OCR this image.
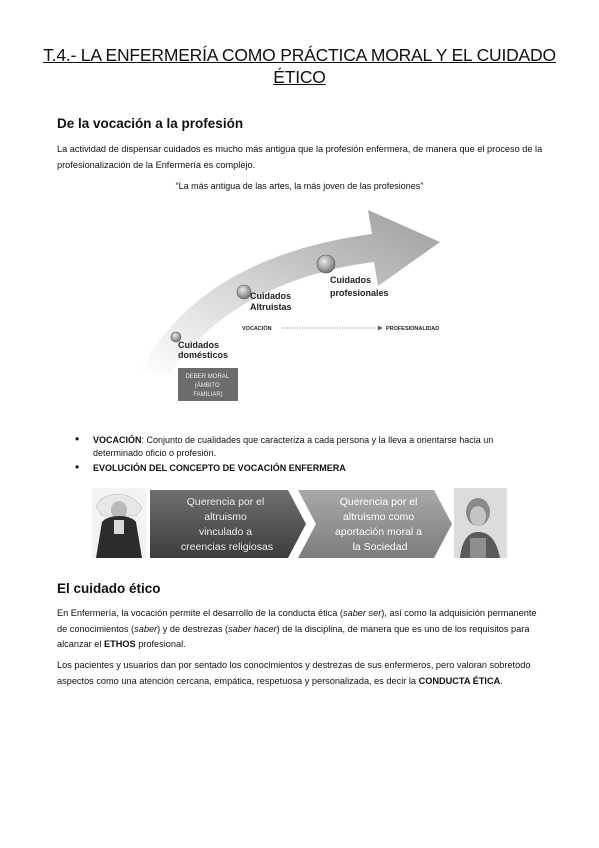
T.4.- LA ENFERMERÍA COMO PRÁCTICA MORAL Y EL CUIDADO ÉTICO
De la vocación a la profesión
La actividad de dispensar cuidados es mucho más antigua que la profesión enfermera, de manera que el proceso de la profesionalización de la Enfermería es complejo.
“La más antigua de las artes, la más joven de las profesiones”
Cuidados domésticos
Cuidados Altruistas
Cuidados profesionales
VOCACIÓN	PROFESIONALIDAD
DEBER MORAL (ÁMBITO FAMILIAR)
• VOCACIÓN: Conjunto de cualidades que caracteriza a cada persona y la lleva a orientarse hacia un determinado oficio o profesión.
• EVOLUCIÓN DEL CONCEPTO DE VOCACIÓN ENFERMERA
Querencia por el altruismo vinculado a creencias religiosas
Querencia por el altruismo como aportación moral a la Sociedad
El cuidado ético
En Enfermería, la vocación permite el desarrollo de la conducta ética (saber ser), así como la adquisición permanente de conocimientos (saber) y de destrezas (saber hacer) de la disciplina, de manera que es uno de los requisitos para alcanzar el ETHOS profesional.
Los pacientes y usuarios dan por sentado los conocimientos y destrezas de sus enfermeros, pero valoran sobretodo aspectos como una atención cercana, empática, respetuosa y personalizada, es decir la CONDUCTA ÉTICA.
